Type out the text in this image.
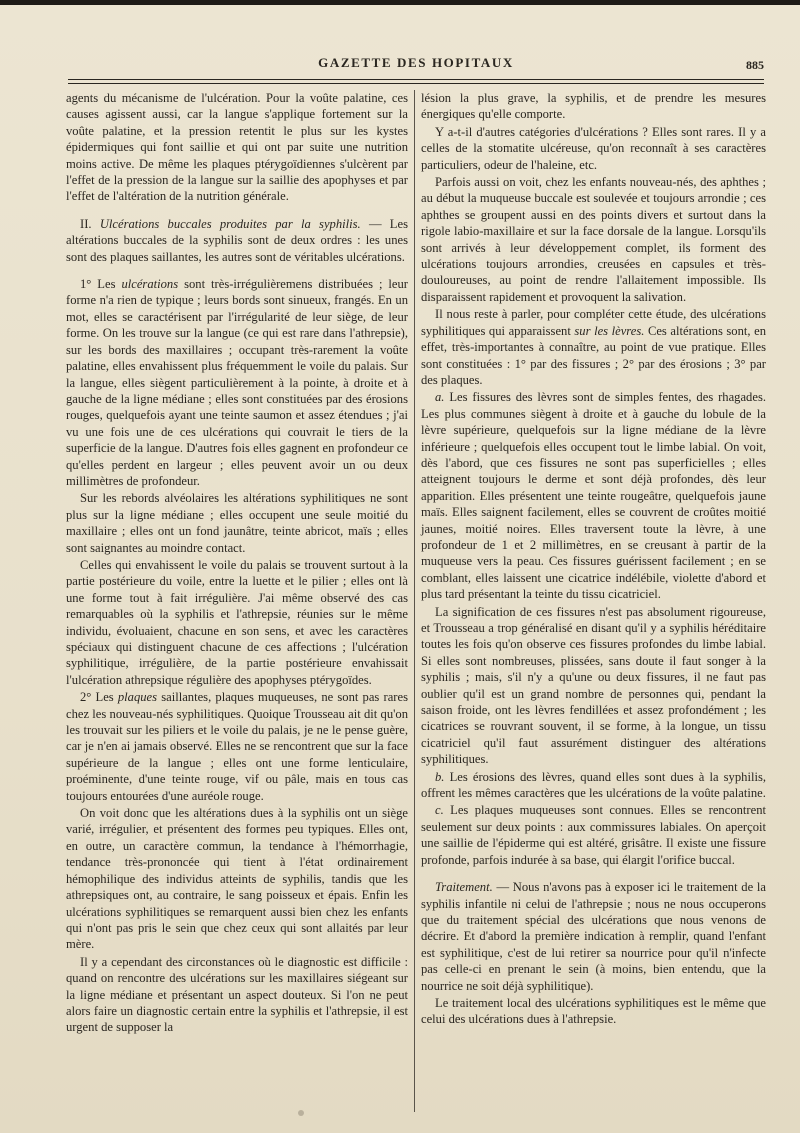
GAZETTE DES HOPITAUX	885

agents du mécanisme de l'ulcération. Pour la voûte palatine, ces causes agissent aussi, car la langue s'applique fortement sur la voûte palatine, et la pression retentit le plus sur les kystes épidermiques qui font saillie et qui ont par suite une nutrition moins active. De même les plaques ptérygoïdiennes s'ulcèrent par l'effet de la pression de la langue sur la saillie des apophyses et par l'effet de l'altération de la nutrition générale.

II. Ulcérations buccales produites par la syphilis. — Les altérations buccales de la syphilis sont de deux ordres : les unes sont des plaques saillantes, les autres sont de véritables ulcérations.

1° Les ulcérations sont très-irrégulièremens distribuées ; leur forme n'a rien de typique ; leurs bords sont sinueux, frangés. En un mot, elles se caractérisent par l'irrégularité de leur siège, de leur forme. On les trouve sur la langue (ce qui est rare dans l'athrepsie), sur les bords des maxillaires ; occupant très-rarement la voûte palatine, elles envahissent plus fréquemment le voile du palais. Sur la langue, elles siègent particulièrement à la pointe, à droite et à gauche de la ligne médiane ; elles sont constituées par des érosions rouges, quelquefois ayant une teinte saumon et assez étendues ; j'ai vu une fois une de ces ulcérations qui couvrait le tiers de la superficie de la langue. D'autres fois elles gagnent en profondeur ce qu'elles perdent en largeur ; elles peuvent avoir un ou deux millimètres de profondeur.

Sur les rebords alvéolaires les altérations syphilitiques ne sont plus sur la ligne médiane ; elles occupent une seule moitié du maxillaire ; elles ont un fond jaunâtre, teinte abricot, maïs ; elles sont saignantes au moindre contact.

Celles qui envahissent le voile du palais se trouvent surtout à la partie postérieure du voile, entre la luette et le pilier ; elles ont là une forme tout à fait irrégulière. J'ai même observé des cas remarquables où la syphilis et l'athrepsie, réunies sur le même individu, évoluaient, chacune en son sens, et avec les caractères spéciaux qui distinguent chacune de ces affections ; l'ulcération syphilitique, irrégulière, de la partie postérieure envahissait l'ulcération athrepsique régulière des apophyses ptérygoïdes.

2° Les plaques saillantes, plaques muqueuses, ne sont pas rares chez les nouveau-nés syphilitiques. Quoique Trousseau ait dit qu'on les trouvait sur les piliers et le voile du palais, je ne le pense guère, car je n'en ai jamais observé. Elles ne se rencontrent que sur la face supérieure de la langue ; elles ont une forme lenticulaire, proéminente, d'une teinte rouge, vif ou pâle, mais en tous cas toujours entourées d'une auréole rouge.

On voit donc que les altérations dues à la syphilis ont un siège varié, irrégulier, et présentent des formes peu typiques. Elles ont, en outre, un caractère commun, la tendance à l'hémorrhagie, tendance très-prononcée qui tient à l'état ordinairement hémophilique des individus atteints de syphilis, tandis que les athrepsiques ont, au contraire, le sang poisseux et épais. Enfin les ulcérations syphilitiques se remarquent aussi bien chez les enfants qui n'ont pas pris le sein que chez ceux qui sont allaités par leur mère.

Il y a cependant des circonstances où le diagnostic est difficile : quand on rencontre des ulcérations sur les maxillaires siégeant sur la ligne médiane et présentant un aspect douteux. Si l'on ne peut alors faire un diagnostic certain entre la syphilis et l'athrepsie, il est urgent de supposer la

lésion la plus grave, la syphilis, et de prendre les mesures énergiques qu'elle comporte.

Y a-t-il d'autres catégories d'ulcérations ? Elles sont rares. Il y a celles de la stomatite ulcéreuse, qu'on reconnaît à ses caractères particuliers, odeur de l'haleine, etc.

Parfois aussi on voit, chez les enfants nouveau-nés, des aphthes ; au début la muqueuse buccale est soulevée et toujours arrondie ; ces aphthes se groupent aussi en des points divers et surtout dans la rigole labio-maxillaire et sur la face dorsale de la langue. Lorsqu'ils sont arrivés à leur développement complet, ils forment des ulcérations toujours arrondies, creusées en capsules et très-douloureuses, au point de rendre l'allaitement impossible. Ils disparaissent rapidement et provoquent la salivation.

Il nous reste à parler, pour compléter cette étude, des ulcérations syphilitiques qui apparaissent sur les lèvres. Ces altérations sont, en effet, très-importantes à connaître, au point de vue pratique. Elles sont constituées : 1° par des fissures ; 2° par des érosions ; 3° par des plaques.

a. Les fissures des lèvres sont de simples fentes, des rhagades. Les plus communes siègent à droite et à gauche du lobule de la lèvre supérieure, quelquefois sur la ligne médiane de la lèvre inférieure ; quelquefois elles occupent tout le limbe labial. On voit, dès l'abord, que ces fissures ne sont pas superficielles ; elles atteignent toujours le derme et sont déjà profondes, dès leur apparition. Elles présentent une teinte rougeâtre, quelquefois jaune maïs. Elles saignent facilement, elles se couvrent de croûtes moitié jaunes, moitié noires. Elles traversent toute la lèvre, à une profondeur de 1 et 2 millimètres, en se creusant à partir de la muqueuse vers la peau. Ces fissures guérissent facilement ; en se comblant, elles laissent une cicatrice indélébile, violette d'abord et plus tard présentant la teinte du tissu cicatriciel.

La signification de ces fissures n'est pas absolument rigoureuse, et Trousseau a trop généralisé en disant qu'il y a syphilis héréditaire toutes les fois qu'on observe ces fissures profondes du limbe labial. Si elles sont nombreuses, plissées, sans doute il faut songer à la syphilis ; mais, s'il n'y a qu'une ou deux fissures, il ne faut pas oublier qu'il est un grand nombre de personnes qui, pendant la saison froide, ont les lèvres fendillées et assez profondément ; les cicatrices se rouvrant souvent, il se forme, à la longue, un tissu cicatriciel qu'il faut assurément distinguer des altérations syphilitiques.

b. Les érosions des lèvres, quand elles sont dues à la syphilis, offrent les mêmes caractères que les ulcérations de la voûte palatine.

c. Les plaques muqueuses sont connues. Elles se rencontrent seulement sur deux points : aux commissures labiales. On aperçoit une saillie de l'épiderme qui est altéré, grisâtre. Il existe une fissure profonde, parfois indurée à sa base, qui élargit l'orifice buccal.

Traitement. — Nous n'avons pas à exposer ici le traitement de la syphilis infantile ni celui de l'athrepsie ; nous ne nous occuperons que du traitement spécial des ulcérations que nous venons de décrire. Et d'abord la première indication à remplir, quand l'enfant est syphilitique, c'est de lui retirer sa nourrice pour qu'il n'infecte pas celle-ci en prenant le sein (à moins, bien entendu, que la nourrice ne soit déjà syphilitique).

Le traitement local des ulcérations syphilitiques est le même que celui des ulcérations dues à l'athrepsie.
